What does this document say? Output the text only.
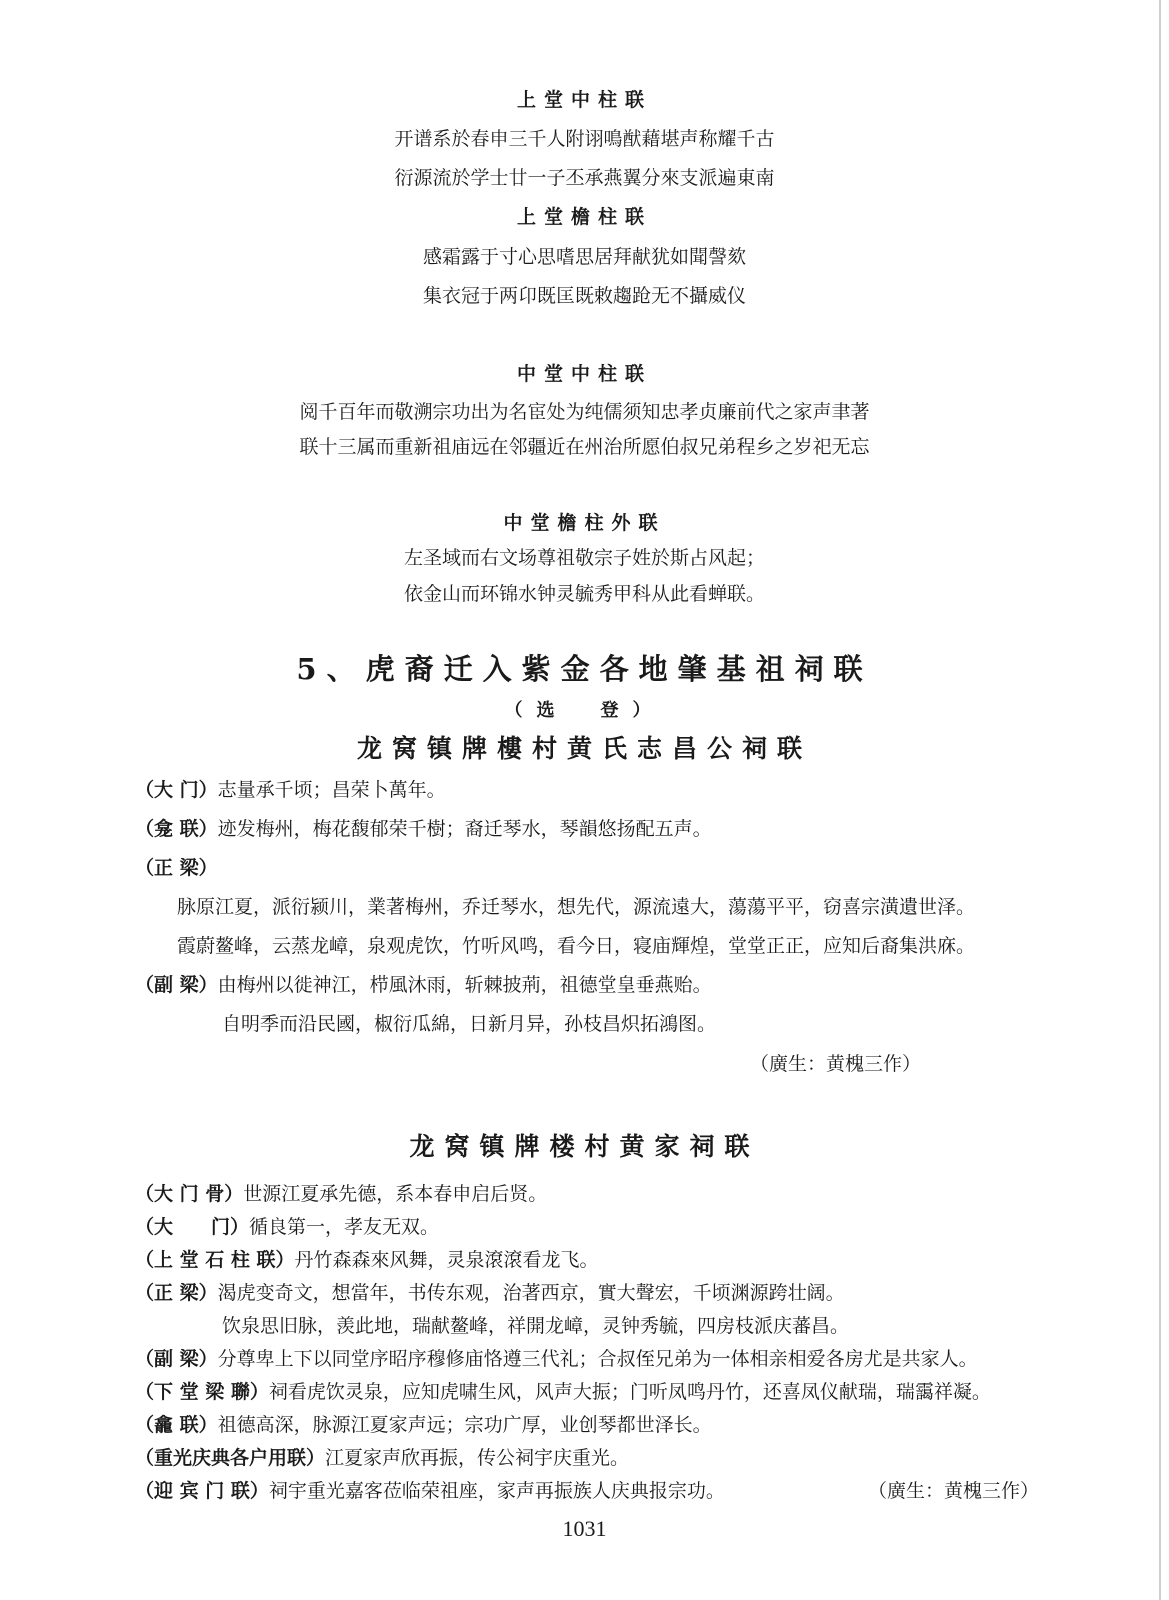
上堂中柱联
开谱系於春申三千人附诩鳴猷藉堪声称耀千古
衍源流於学士廿一子丕承燕翼分來支派遍東南
上堂檐柱联
感霜露于寸心思嗜思居拜献犹如聞謦欬
集衣冠于两卬既匡既敕趨跄无不攝威仪
中堂中柱联
阅千百年而敬溯宗功出为名宦处为纯儒须知忠孝贞廉前代之家声聿著
联十三属而重新祖庙远在邻疆近在州治所愿伯叔兄弟程乡之岁祀无忘
中堂檐柱外联
左圣域而右文场尊祖敬宗子姓於斯占风起；
依金山而环锦水钟灵毓秀甲科从此看蝉联。
5、虎裔迁入紫金各地肇基祖祠联
（选　登）
龙窝镇牌樓村黄氏志昌公祠联
（大 门）志量承千顷；昌荣卜萬年。
（龛 联）迹发梅州，梅花馥郁荣千樹；裔迁琴水，琴韻悠扬配五声。
（正 梁）
脉原江夏，派衍颍川，業著梅州，乔迁琴水，想先代，源流遠大，蕩蕩平平，窃喜宗潢遺世泽。
霞蔚鳌峰，云蒸龙嶂，泉观虎饮，竹听风鸣，看今日，寝庙輝煌，堂堂正正，应知后裔集洪庥。
（副 梁）由梅州以徙神江，栉風沐雨，斩棘披荊，祖德堂皇垂燕贻。
自明季而沿民國，椒衍瓜綿，日新月异，孙枝昌炽拓鴻图。
（廣生：黄槐三作）
龙窝镇牌楼村黄家祠联
（大 门 骨）世源江夏承先德，系本春申启后贤。
（大　　门）循良第一，孝友无双。
（上 堂 石 柱 联）丹竹森森來风舞，灵泉滾滾看龙飞。
（正 梁）渴虎变奇文，想當年，书传东观，治著西京，實大聲宏，千顷渊源跨壮阔。
饮泉思旧脉，羡此地，瑞献鳌峰，祥開龙嶂，灵钟秀毓，四房枝派庆蕃昌。
（副 梁）分尊卑上下以同堂序昭序穆修庙恪遵三代礼；合叔侄兄弟为一体相亲相爱各房尤是共家人。
（下 堂 梁 聯）祠看虎饮灵泉，应知虎啸生风，风声大振；门听凤鸣丹竹，还喜凤仪献瑞，瑞靄祥凝。
（龕 联）祖德高深，脉源江夏家声远；宗功广厚，业创琴都世泽长。
（重光庆典各户用联）江夏家声欣再振，传公祠宇庆重光。
（迎 宾 门 联）祠宇重光嘉客莅临荣祖座，家声再振族人庆典报宗功。	（廣生：黄槐三作）
1031
